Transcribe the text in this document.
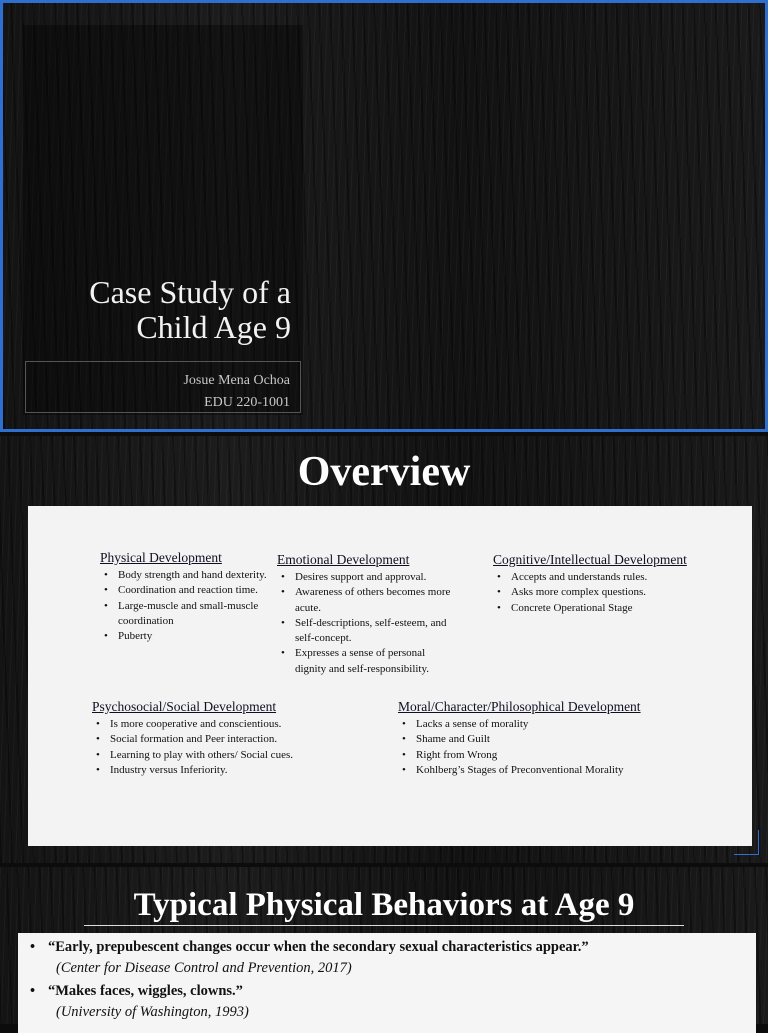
Case Study of a
Child Age 9
Josue Mena Ochoa
EDU 220-1001
Overview
Physical Development
• Body strength and hand dexterity.
• Coordination and reaction time.
• Large-muscle and small-muscle coordination
• Puberty
Emotional Development
• Desires support and approval.
• Awareness of others becomes more acute.
• Self-descriptions, self-esteem, and self-concept.
• Expresses a sense of personal dignity and self-responsibility.
Cognitive/Intellectual Development
• Accepts and understands rules.
• Asks more complex questions.
• Concrete Operational Stage
Psychosocial/Social Development
• Is more cooperative and conscientious.
• Social formation and Peer interaction.
• Learning to play with others/ Social cues.
• Industry versus Inferiority.
Moral/Character/Philosophical Development
• Lacks a sense of morality
• Shame and Guilt
• Right from Wrong
• Kohlberg’s Stages of Preconventional Morality
Typical Physical Behaviors at Age 9
• “Early, prepubescent changes occur when the secondary sexual characteristics appear.”
(Center for Disease Control and Prevention, 2017)
• “Makes faces, wiggles, clowns.”
(University of Washington, 1993)
